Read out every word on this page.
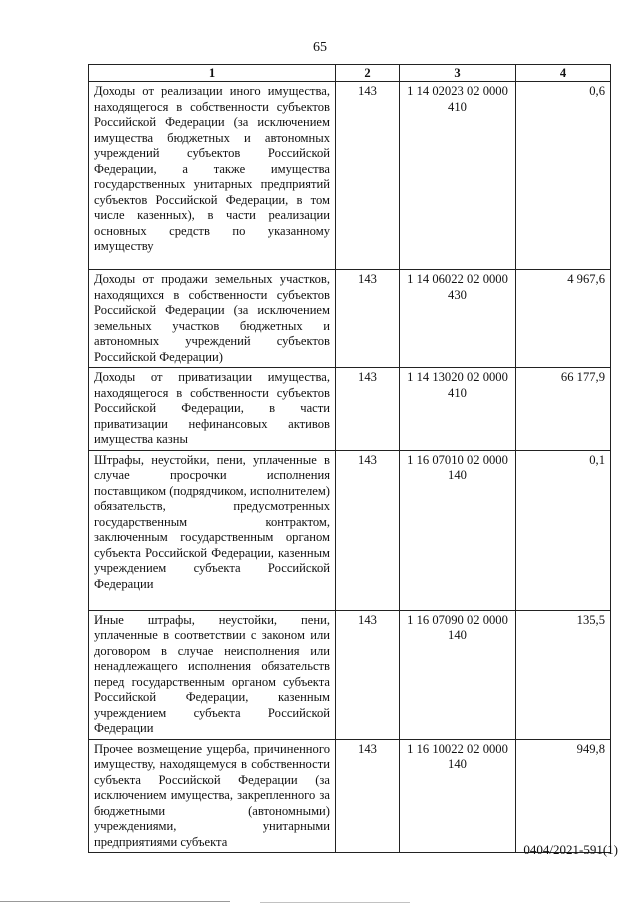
65
1	2	3	4
Доходы от реализации иного имущества, находящегося в собственности субъектов Российской Федерации (за исключением имущества бюджетных и автономных учреждений субъектов Российской Федерации, а также имущества государственных унитарных предприятий субъектов Российской Федерации, в том числе казенных), в части реализации основных средств по указанному имуществу	143	1 14 02023 02 0000 410	0,6
Доходы от продажи земельных участков, находящихся в собственности субъектов Российской Федерации (за исключением земельных участков бюджетных и автономных учреждений субъектов Российской Федерации)	143	1 14 06022 02 0000 430	4 967,6
Доходы от приватизации имущества, находящегося в собственности субъектов Российской Федерации, в части приватизации нефинансовых активов имущества казны	143	1 14 13020 02 0000 410	66 177,9
Штрафы, неустойки, пени, уплаченные в случае просрочки исполнения поставщиком (подрядчиком, исполнителем) обязательств, предусмотренных государственным контрактом, заключенным государственным органом субъекта Российской Федерации, казенным учреждением субъекта Российской Федерации	143	1 16 07010 02 0000 140	0,1
Иные штрафы, неустойки, пени, уплаченные в соответствии с законом или договором в случае неисполнения или ненадлежащего исполнения обязательств перед государственным органом субъекта Российской Федерации, казенным учреждением субъекта Российской Федерации	143	1 16 07090 02 0000 140	135,5
Прочее возмещение ущерба, причиненного имуществу, находящемуся в собственности субъекта Российской Федерации (за исключением имущества, закрепленного за бюджетными (автономными) учреждениями, унитарными предприятиями субъекта	143	1 16 10022 02 0000 140	949,8
0404/2021-591(1)
